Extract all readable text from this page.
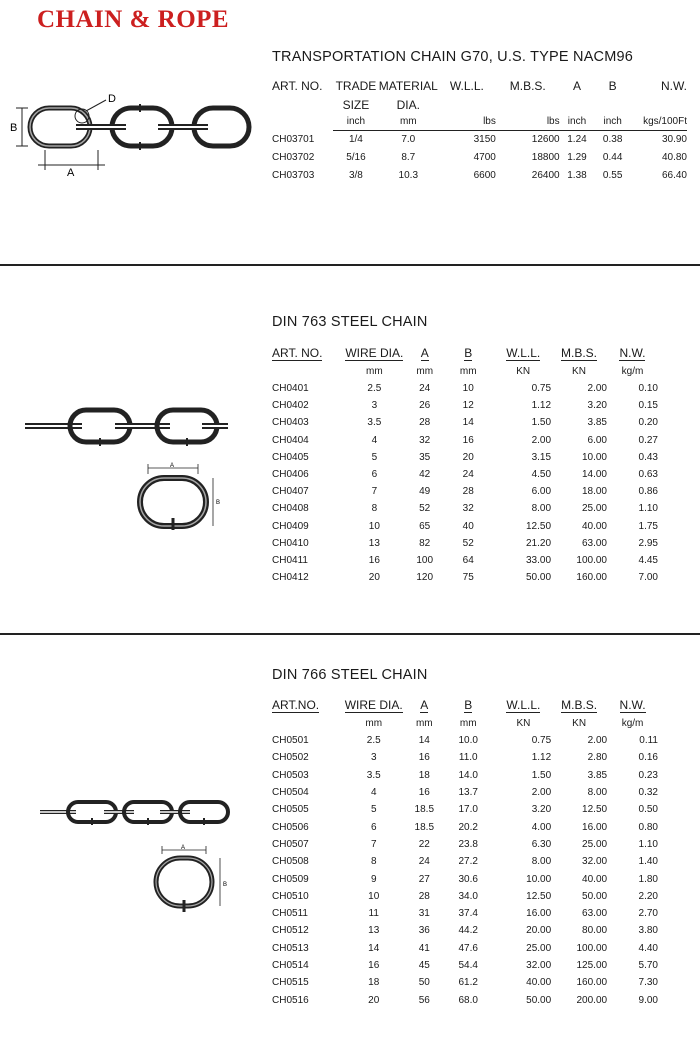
CHAIN & ROPE
TRANSPORTATION CHAIN G70, U.S. TYPE NACM96
D
B
A
ART. NO.	TRADE	MATERIAL	W.L.L.	M.B.S.	A	B	N.W.
	SIZE	DIA.					
	inch	mm	lbs	lbs	inch	inch	kgs/100Ft
CH03701	1/4	7.0	3150	12600	1.24	0.38	30.90
CH03702	5/16	8.7	4700	18800	1.29	0.44	40.80
CH03703	3/8	10.3	6600	26400	1.38	0.55	66.40
DIN 763 STEEL CHAIN
A
B
ART. NO.	WIRE DIA.	A	B	W.L.L.	M.B.S.	N.W.
	mm	mm	mm	KN	KN	kg/m
CH0401	2.5	24	10	0.75	2.00	0.10
CH0402	3	26	12	1.12	3.20	0.15
CH0403	3.5	28	14	1.50	3.85	0.20
CH0404	4	32	16	2.00	6.00	0.27
CH0405	5	35	20	3.15	10.00	0.43
CH0406	6	42	24	4.50	14.00	0.63
CH0407	7	49	28	6.00	18.00	0.86
CH0408	8	52	32	8.00	25.00	1.10
CH0409	10	65	40	12.50	40.00	1.75
CH0410	13	82	52	21.20	63.00	2.95
CH0411	16	100	64	33.00	100.00	4.45
CH0412	20	120	75	50.00	160.00	7.00
DIN 766 STEEL CHAIN
A
B
ART.NO.	WIRE DIA.	A	B	W.L.L.	M.B.S.	N.W.
	mm	mm	mm	KN	KN	kg/m
CH0501	2.5	14	10.0	0.75	2.00	0.11
CH0502	3	16	11.0	1.12	2.80	0.16
CH0503	3.5	18	14.0	1.50	3.85	0.23
CH0504	4	16	13.7	2.00	8.00	0.32
CH0505	5	18.5	17.0	3.20	12.50	0.50
CH0506	6	18.5	20.2	4.00	16.00	0.80
CH0507	7	22	23.8	6.30	25.00	1.10
CH0508	8	24	27.2	8.00	32.00	1.40
CH0509	9	27	30.6	10.00	40.00	1.80
CH0510	10	28	34.0	12.50	50.00	2.20
CH0511	11	31	37.4	16.00	63.00	2.70
CH0512	13	36	44.2	20.00	80.00	3.80
CH0513	14	41	47.6	25.00	100.00	4.40
CH0514	16	45	54.4	32.00	125.00	5.70
CH0515	18	50	61.2	40.00	160.00	7.30
CH0516	20	56	68.0	50.00	200.00	9.00
